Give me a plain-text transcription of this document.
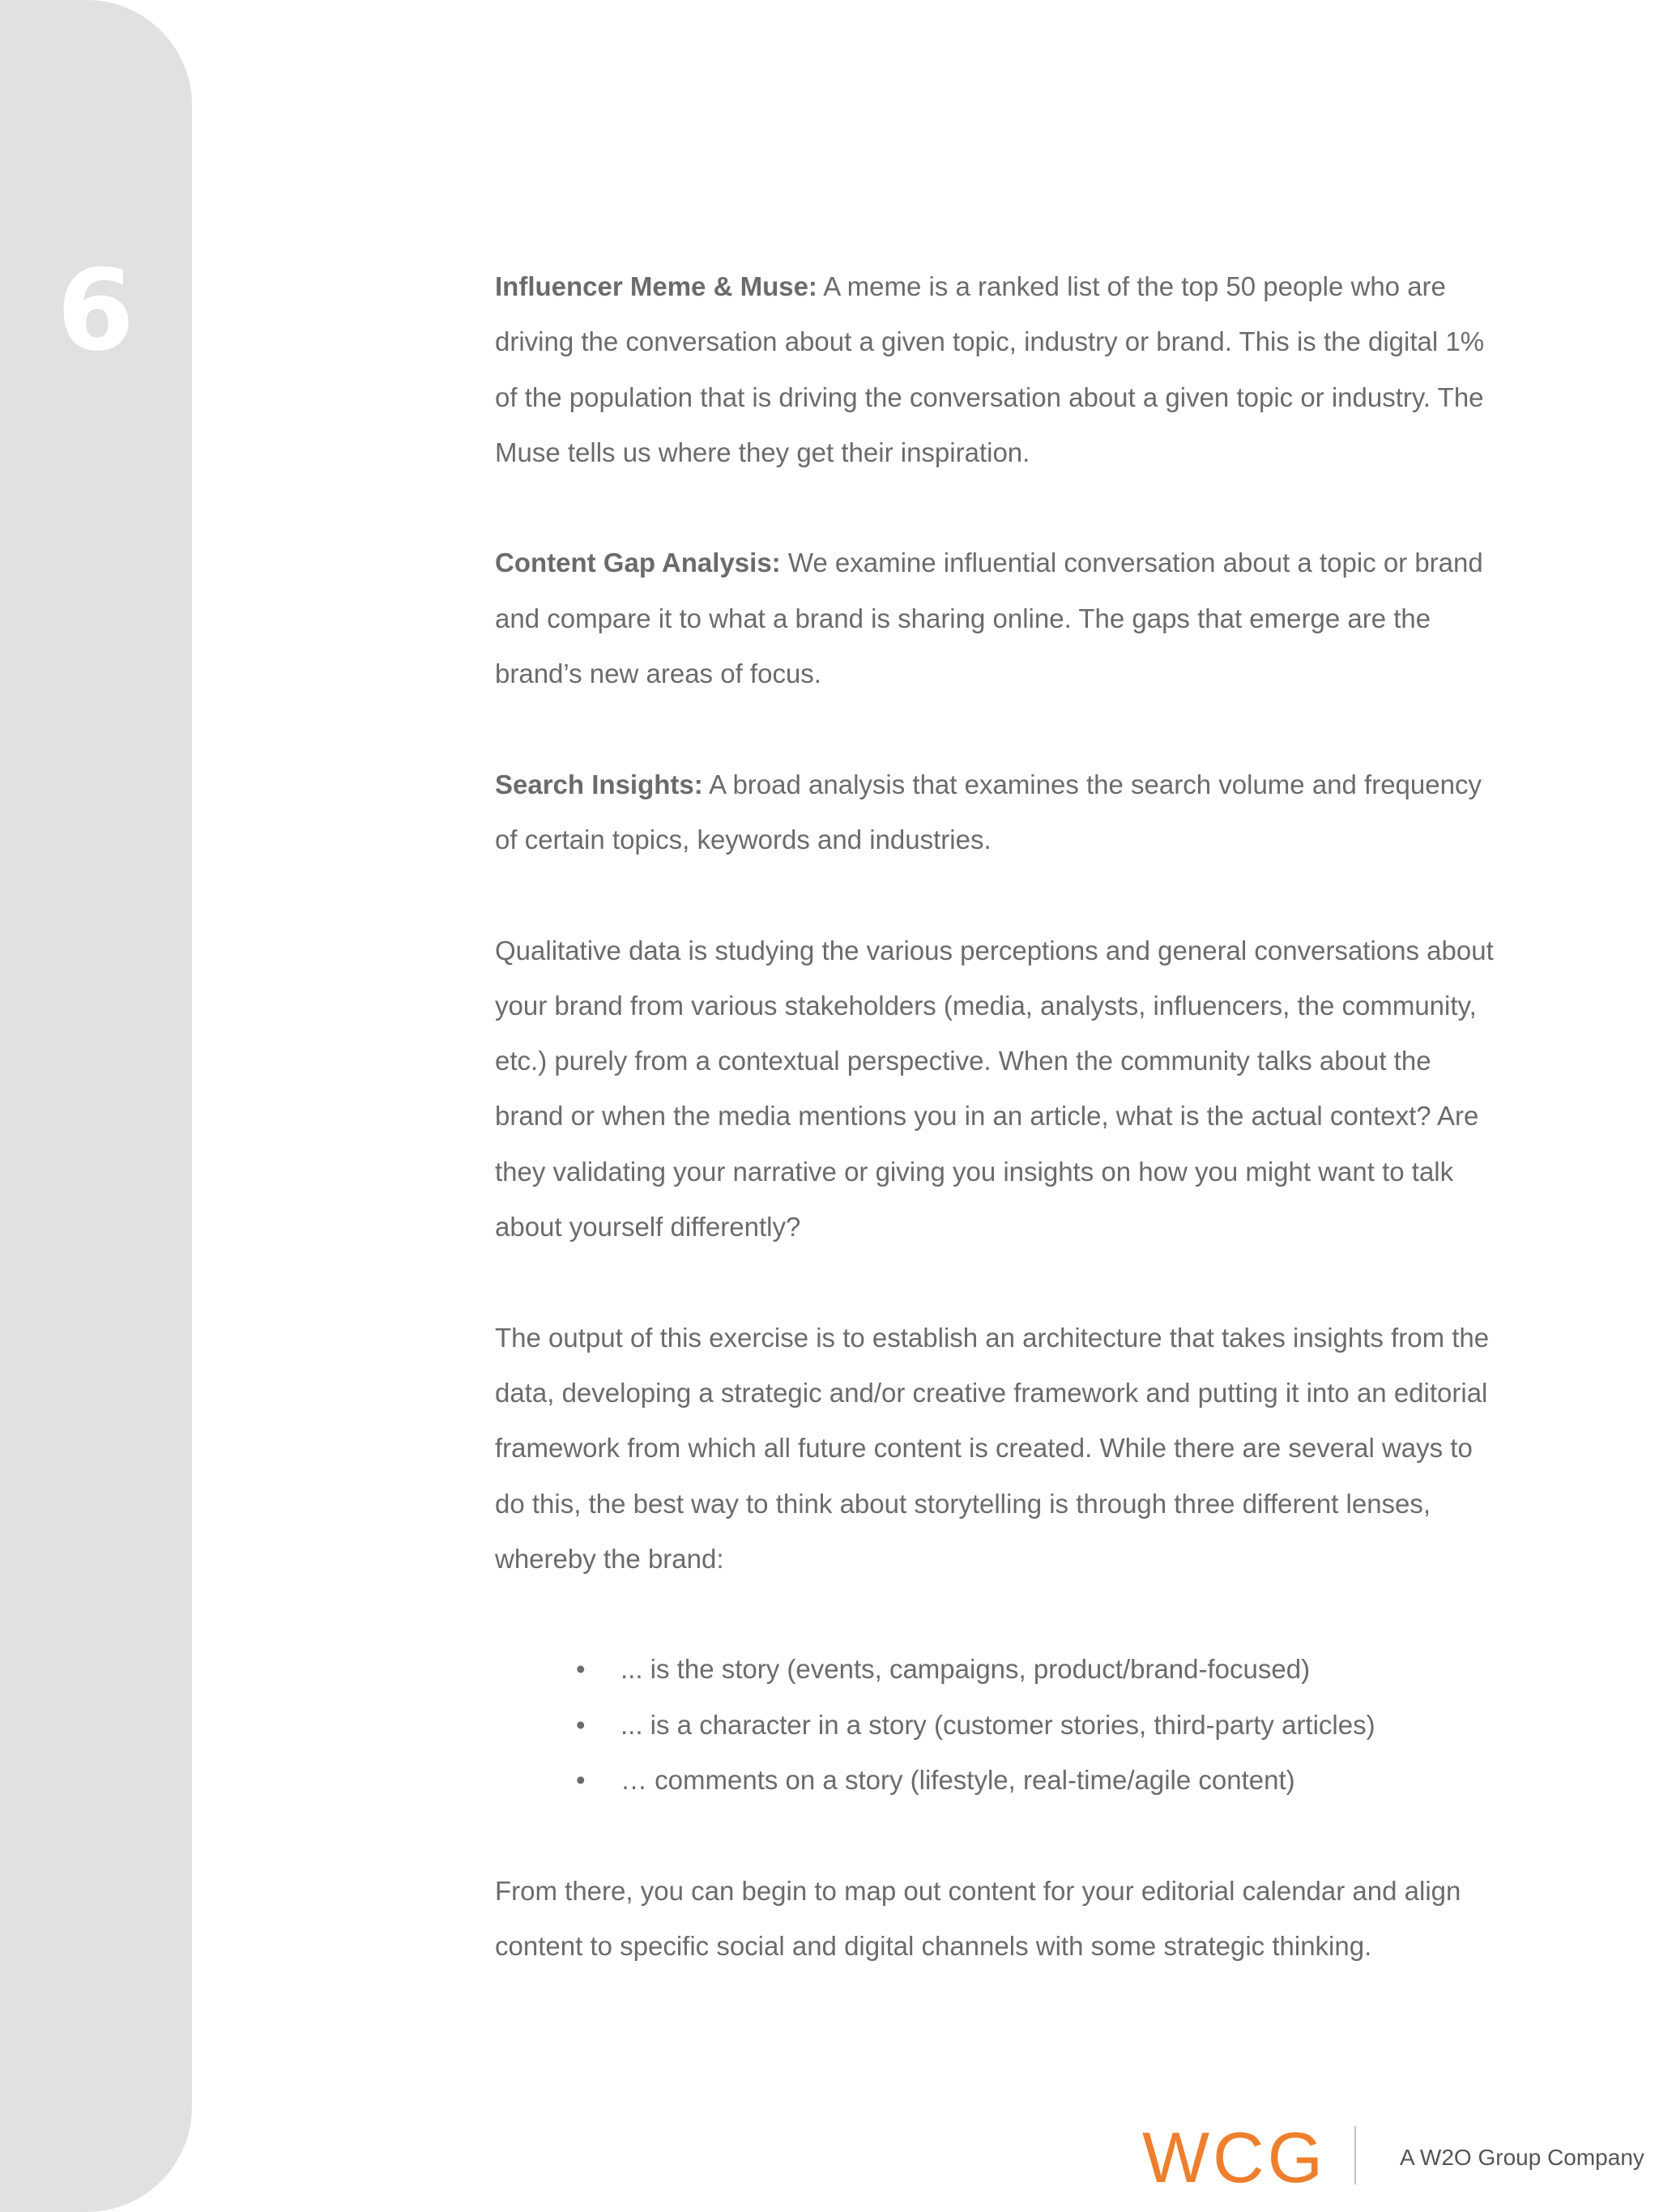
6	Influencer Meme & Muse: A meme is a ranked list of the top 50 people who are driving the conversation about a given topic, industry or brand. This is the digital 1% of the population that is driving the conversation about a given topic or industry. The Muse tells us where they get their inspiration.

Content Gap Analysis: We examine influential conversation about a topic or brand and compare it to what a brand is sharing online. The gaps that emerge are the brand’s new areas of focus.

Search Insights: A broad analysis that examines the search volume and frequency of certain topics, keywords and industries.

Qualitative data is studying the various perceptions and general conversations about your brand from various stakeholders (media, analysts, influencers, the community, etc.) purely from a contextual perspective. When the community talks about the brand or when the media mentions you in an article, what is the actual context? Are they validating your narrative or giving you insights on how you might want to talk about yourself differently?

The output of this exercise is to establish an architecture that takes insights from the data, developing a strategic and/or creative framework and putting it into an editorial framework from which all future content is created. While there are several ways to do this, the best way to think about storytelling is through three different lenses, whereby the brand:

• ... is the story (events, campaigns, product/brand-focused)
• ... is a character in a story (customer stories, third-party articles)
• … comments on a story (lifestyle, real-time/agile content)

From there, you can begin to map out content for your editorial calendar and align content to specific social and digital channels with some strategic thinking.

WCG	A W2O Group Company
